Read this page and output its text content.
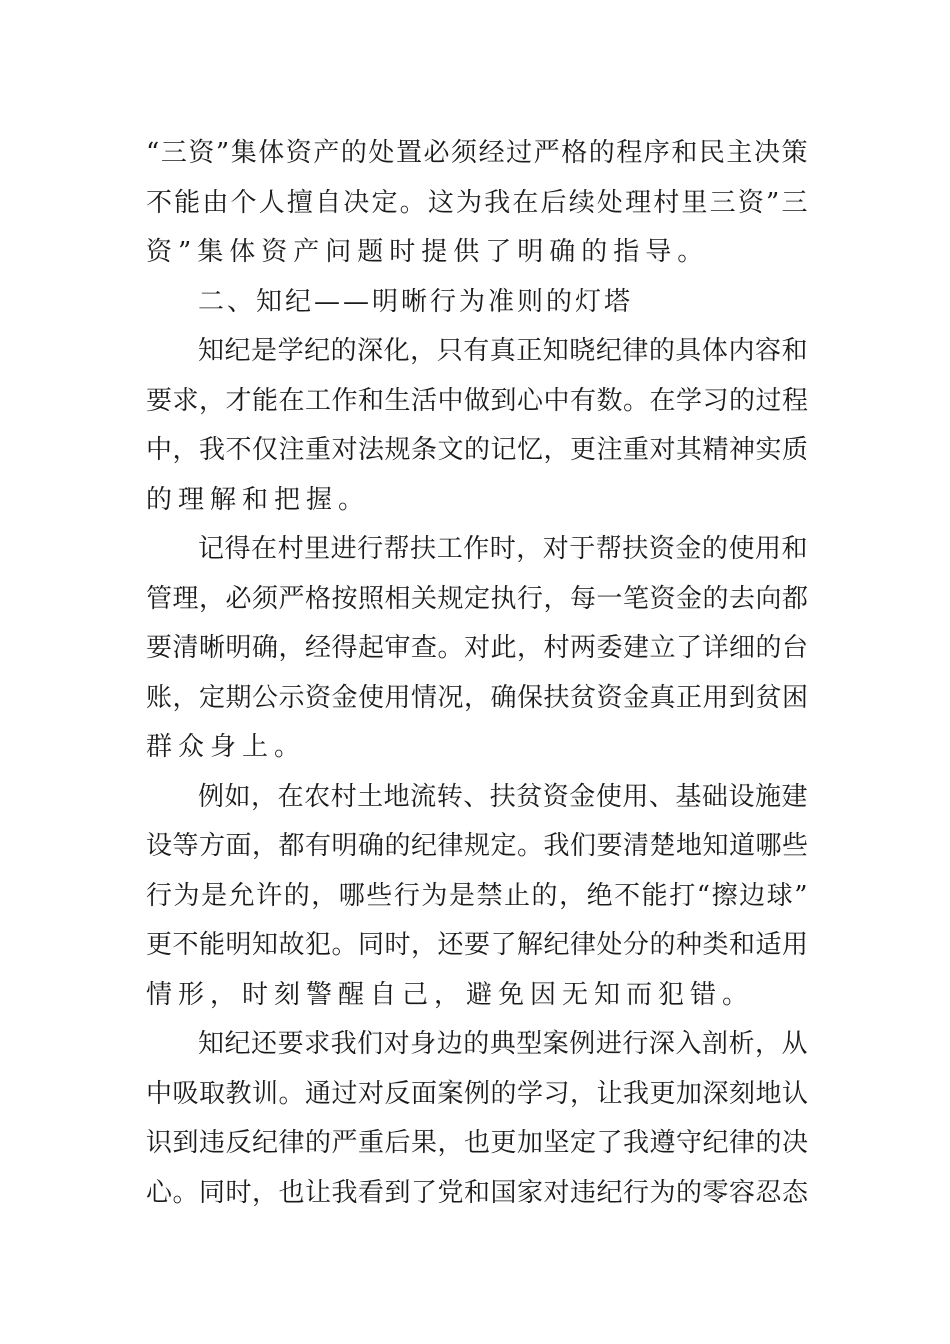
“三资”集体资产的处置必须经过严格的程序和民主决策
不能由个人擅自决定。这为我在后续处理村里三资”三
资”集体资产问题时提供了明确的指导。
二、知纪——明晰行为准则的灯塔
知纪是学纪的深化，只有真正知晓纪律的具体内容和
要求，才能在工作和生活中做到心中有数。在学习的过程
中，我不仅注重对法规条文的记忆，更注重对其精神实质
的理解和把握。
记得在村里进行帮扶工作时，对于帮扶资金的使用和
管理，必须严格按照相关规定执行，每一笔资金的去向都
要清晰明确，经得起审查。对此，村两委建立了详细的台
账，定期公示资金使用情况，确保扶贫资金真正用到贫困
群众身上。
例如，在农村土地流转、扶贫资金使用、基础设施建
设等方面，都有明确的纪律规定。我们要清楚地知道哪些
行为是允许的，哪些行为是禁止的，绝不能打“擦边球”
更不能明知故犯。同时，还要了解纪律处分的种类和适用
情形，时刻警醒自己，避免因无知而犯错。
知纪还要求我们对身边的典型案例进行深入剖析，从
中吸取教训。通过对反面案例的学习，让我更加深刻地认
识到违反纪律的严重后果，也更加坚定了我遵守纪律的决
心。同时，也让我看到了党和国家对违纪行为的零容忍态
